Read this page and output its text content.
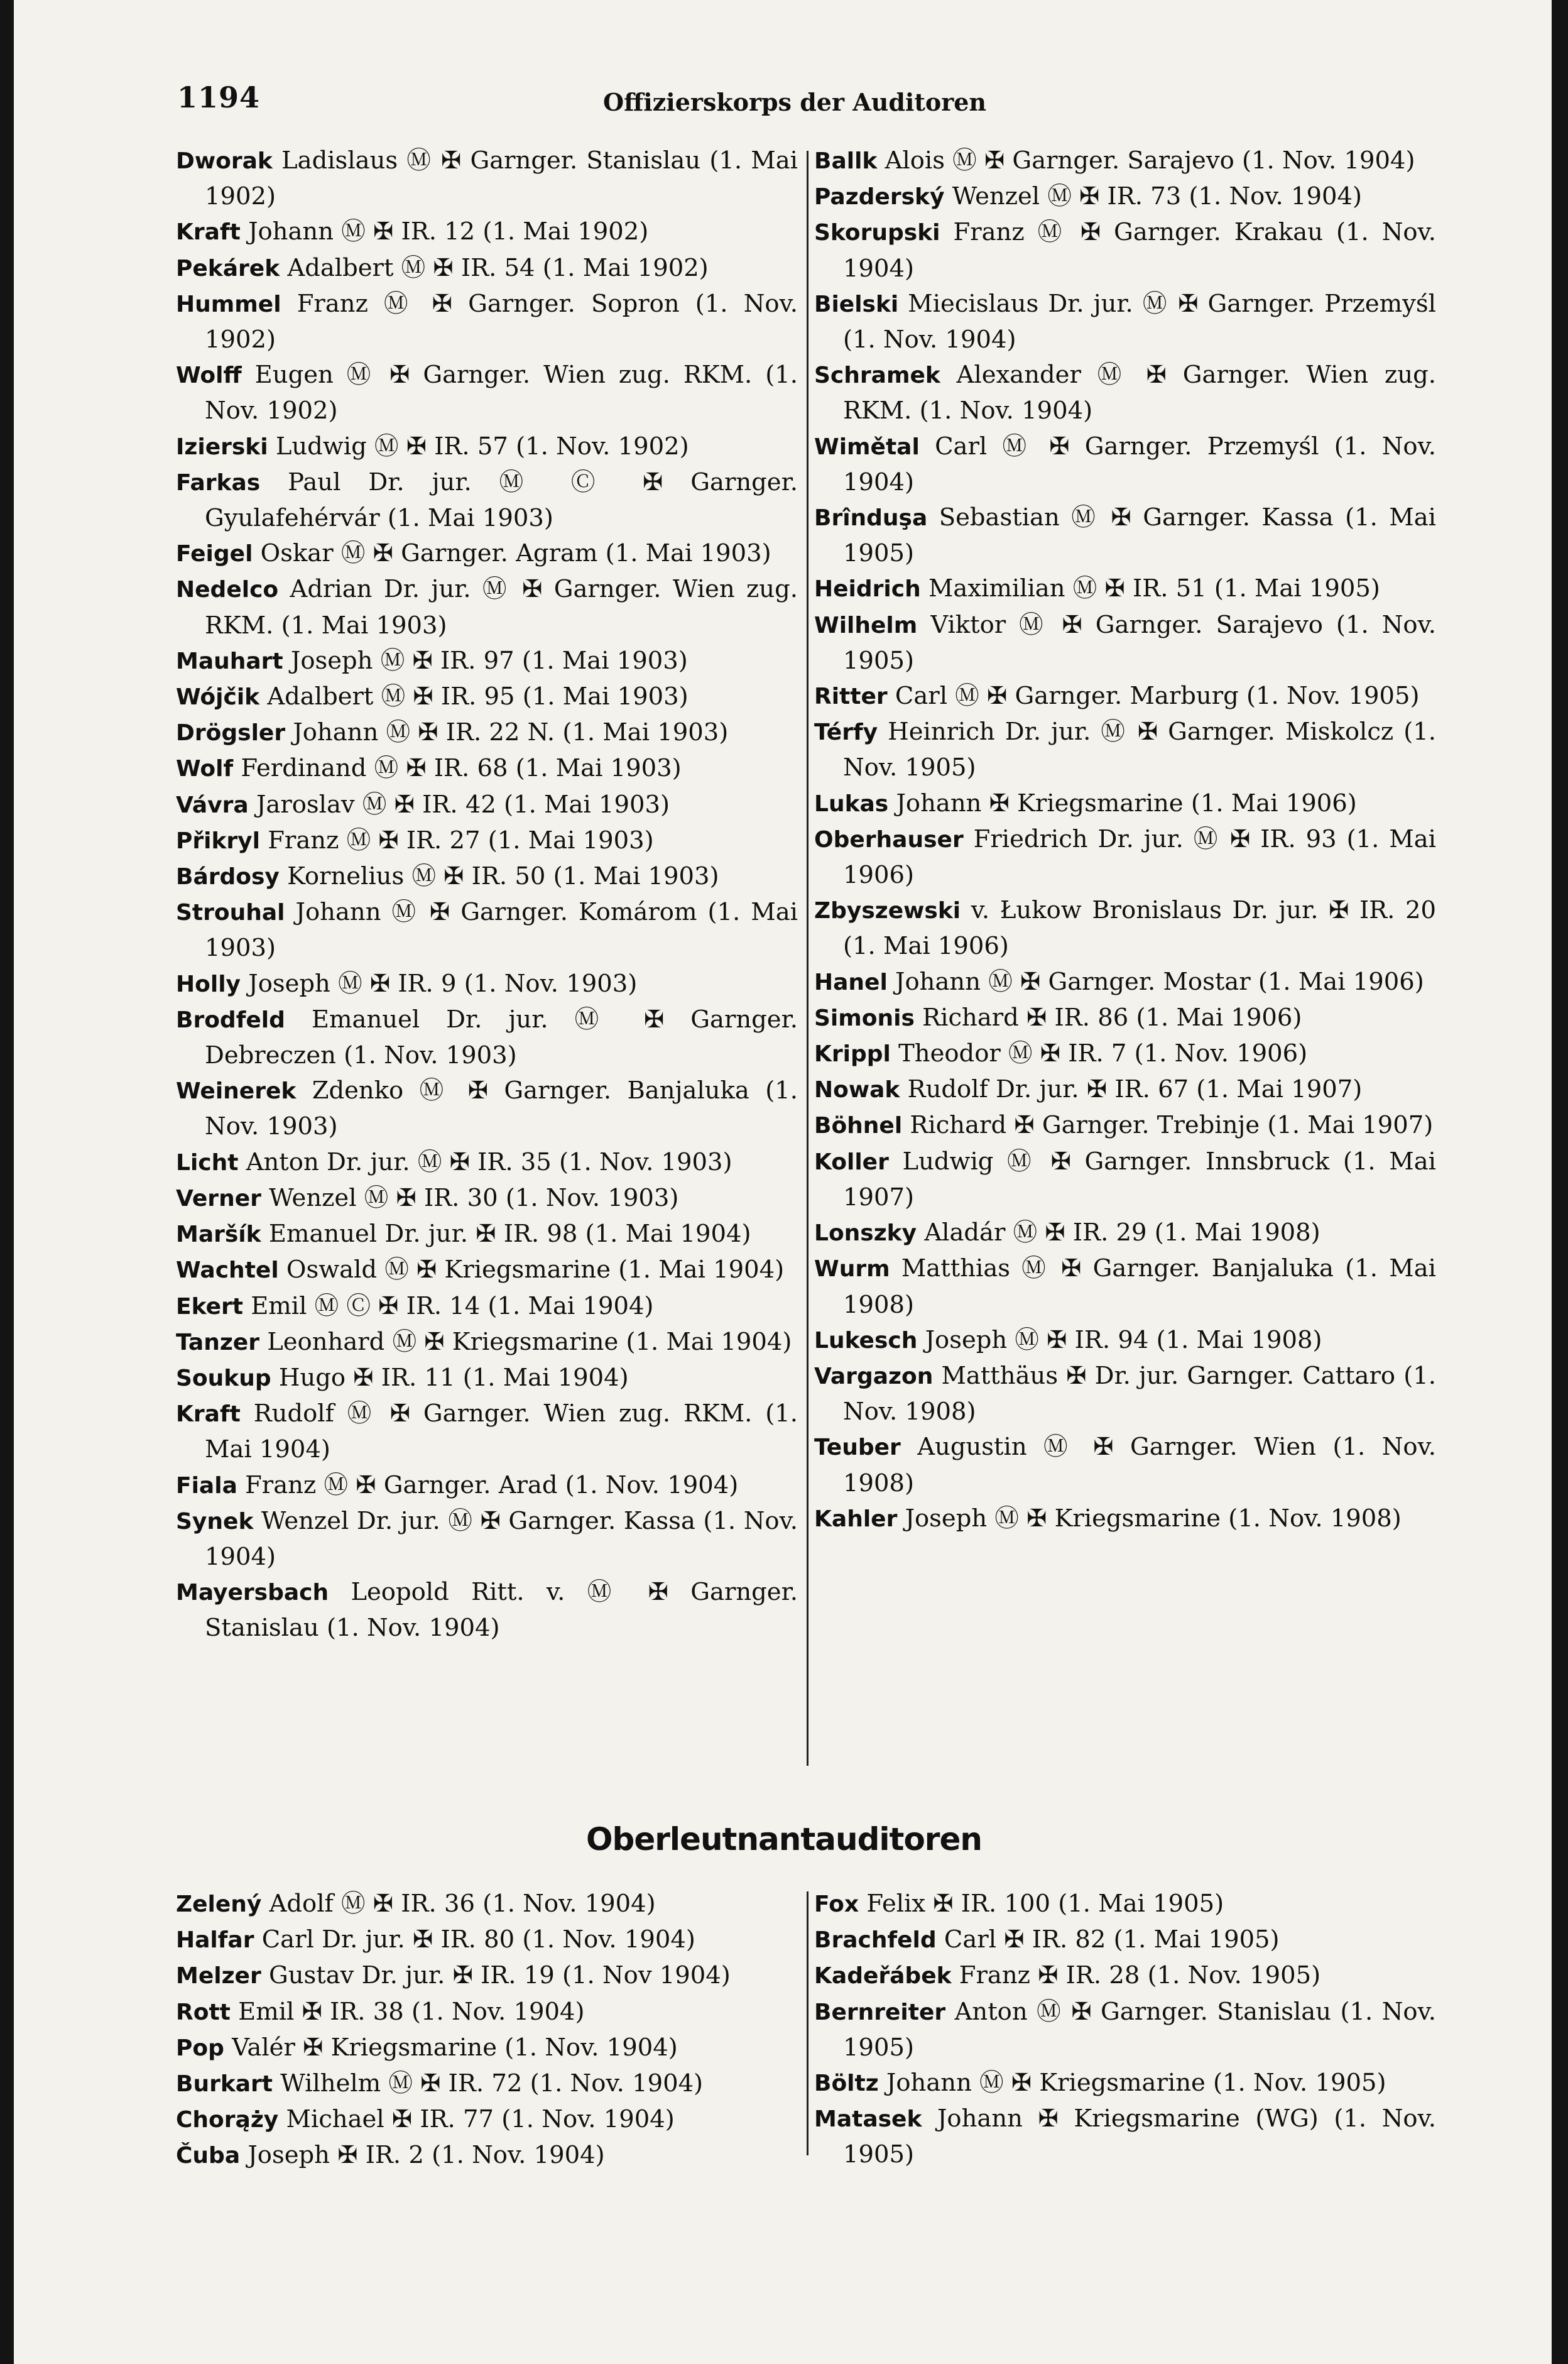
1194	Offizierskorps der Auditoren
Dworak Ladislaus Ⓜ ✠ Garnger. Stanislau (1. Mai 1902)
Kraft Johann Ⓜ ✠ IR. 12 (1. Mai 1902)
Pekárek Adalbert Ⓜ ✠ IR. 54 (1. Mai 1902)
Hummel Franz Ⓜ ✠ Garnger. Sopron (1. Nov. 1902)
Wolff Eugen Ⓜ ✠ Garnger. Wien zug. RKM. (1. Nov. 1902)
Izierski Ludwig Ⓜ ✠ IR. 57 (1. Nov. 1902)
Farkas Paul Dr. jur. Ⓜ Ⓒ ✠ Garnger. Gyulafehérvár (1. Mai 1903)
Feigel Oskar Ⓜ ✠ Garnger. Agram (1. Mai 1903)
Nedelco Adrian Dr. jur. Ⓜ ✠ Garnger. Wien zug. RKM. (1. Mai 1903)
Mauhart Joseph Ⓜ ✠ IR. 97 (1. Mai 1903)
Wójčik Adalbert Ⓜ ✠ IR. 95 (1. Mai 1903)
Drögsler Johann Ⓜ ✠ IR. 22 N. (1. Mai 1903)
Wolf Ferdinand Ⓜ ✠ IR. 68 (1. Mai 1903)
Vávra Jaroslav Ⓜ ✠ IR. 42 (1. Mai 1903)
Přikryl Franz Ⓜ ✠ IR. 27 (1. Mai 1903)
Bárdosy Kornelius Ⓜ ✠ IR. 50 (1. Mai 1903)
Strouhal Johann Ⓜ ✠ Garnger. Komárom (1. Mai 1903)
Holly Joseph Ⓜ ✠ IR. 9 (1. Nov. 1903)
Brodfeld Emanuel Dr. jur. Ⓜ ✠ Garnger. Debreczen (1. Nov. 1903)
Weinerek Zdenko Ⓜ ✠ Garnger. Banjaluka (1. Nov. 1903)
Licht Anton Dr. jur. Ⓜ ✠ IR. 35 (1. Nov. 1903)
Verner Wenzel Ⓜ ✠ IR. 30 (1. Nov. 1903)
Maršík Emanuel Dr. jur. ✠ IR. 98 (1. Mai 1904)
Wachtel Oswald Ⓜ ✠ Kriegsmarine (1. Mai 1904)
Ekert Emil Ⓜ Ⓒ ✠ IR. 14 (1. Mai 1904)
Tanzer Leonhard Ⓜ ✠ Kriegsmarine (1. Mai 1904)
Soukup Hugo ✠ IR. 11 (1. Mai 1904)
Kraft Rudolf Ⓜ ✠ Garnger. Wien zug. RKM. (1. Mai 1904)
Fiala Franz Ⓜ ✠ Garnger. Arad (1. Nov. 1904)
Synek Wenzel Dr. jur. Ⓜ ✠ Garnger. Kassa (1. Nov. 1904)
Mayersbach Leopold Ritt. v. Ⓜ ✠ Garnger. Stanislau (1. Nov. 1904)
Ballk Alois Ⓜ ✠ Garnger. Sarajevo (1. Nov. 1904)
Pazderský Wenzel Ⓜ ✠ IR. 73 (1. Nov. 1904)
Skorupski Franz Ⓜ ✠ Garnger. Krakau (1. Nov. 1904)
Bielski Miecislaus Dr. jur. Ⓜ ✠ Garnger. Przemyśl (1. Nov. 1904)
Schramek Alexander Ⓜ ✠ Garnger. Wien zug. RKM. (1. Nov. 1904)
Wimětal Carl Ⓜ ✠ Garnger. Przemyśl (1. Nov. 1904)
Brînduşa Sebastian Ⓜ ✠ Garnger. Kassa (1. Mai 1905)
Heidrich Maximilian Ⓜ ✠ IR. 51 (1. Mai 1905)
Wilhelm Viktor Ⓜ ✠ Garnger. Sarajevo (1. Nov. 1905)
Ritter Carl Ⓜ ✠ Garnger. Marburg (1. Nov. 1905)
Térfy Heinrich Dr. jur. Ⓜ ✠ Garnger. Miskolcz (1. Nov. 1905)
Lukas Johann ✠ Kriegsmarine (1. Mai 1906)
Oberhauser Friedrich Dr. jur. Ⓜ ✠ IR. 93 (1. Mai 1906)
Zbyszewski v. Łukow Bronislaus Dr. jur. ✠ IR. 20 (1. Mai 1906)
Hanel Johann Ⓜ ✠ Garnger. Mostar (1. Mai 1906)
Simonis Richard ✠ IR. 86 (1. Mai 1906)
Krippl Theodor Ⓜ ✠ IR. 7 (1. Nov. 1906)
Nowak Rudolf Dr. jur. ✠ IR. 67 (1. Mai 1907)
Böhnel Richard ✠ Garnger. Trebinje (1. Mai 1907)
Koller Ludwig Ⓜ ✠ Garnger. Innsbruck (1. Mai 1907)
Lonszky Aladár Ⓜ ✠ IR. 29 (1. Mai 1908)
Wurm Matthias Ⓜ ✠ Garnger. Banjaluka (1. Mai 1908)
Lukesch Joseph Ⓜ ✠ IR. 94 (1. Mai 1908)
Vargazon Matthäus ✠ Dr. jur. Garnger. Cattaro (1. Nov. 1908)
Teuber Augustin Ⓜ ✠ Garnger. Wien (1. Nov. 1908)
Kahler Joseph Ⓜ ✠ Kriegsmarine (1. Nov. 1908)
Oberleutnantauditoren
Zelený Adolf Ⓜ ✠ IR. 36 (1. Nov. 1904)
Halfar Carl Dr. jur. ✠ IR. 80 (1. Nov. 1904)
Melzer Gustav Dr. jur. ✠ IR. 19 (1. Nov 1904)
Rott Emil ✠ IR. 38 (1. Nov. 1904)
Pop Valér ✠ Kriegsmarine (1. Nov. 1904)
Burkart Wilhelm Ⓜ ✠ IR. 72 (1. Nov. 1904)
Chorąży Michael ✠ IR. 77 (1. Nov. 1904)
Čuba Joseph ✠ IR. 2 (1. Nov. 1904)
Fox Felix ✠ IR. 100 (1. Mai 1905)
Brachfeld Carl ✠ IR. 82 (1. Mai 1905)
Kadeřábek Franz ✠ IR. 28 (1. Nov. 1905)
Bernreiter Anton Ⓜ ✠ Garnger. Stanislau (1. Nov. 1905)
Böltz Johann Ⓜ ✠ Kriegsmarine (1. Nov. 1905)
Matasek Johann ✠ Kriegsmarine (WG) (1. Nov. 1905)
